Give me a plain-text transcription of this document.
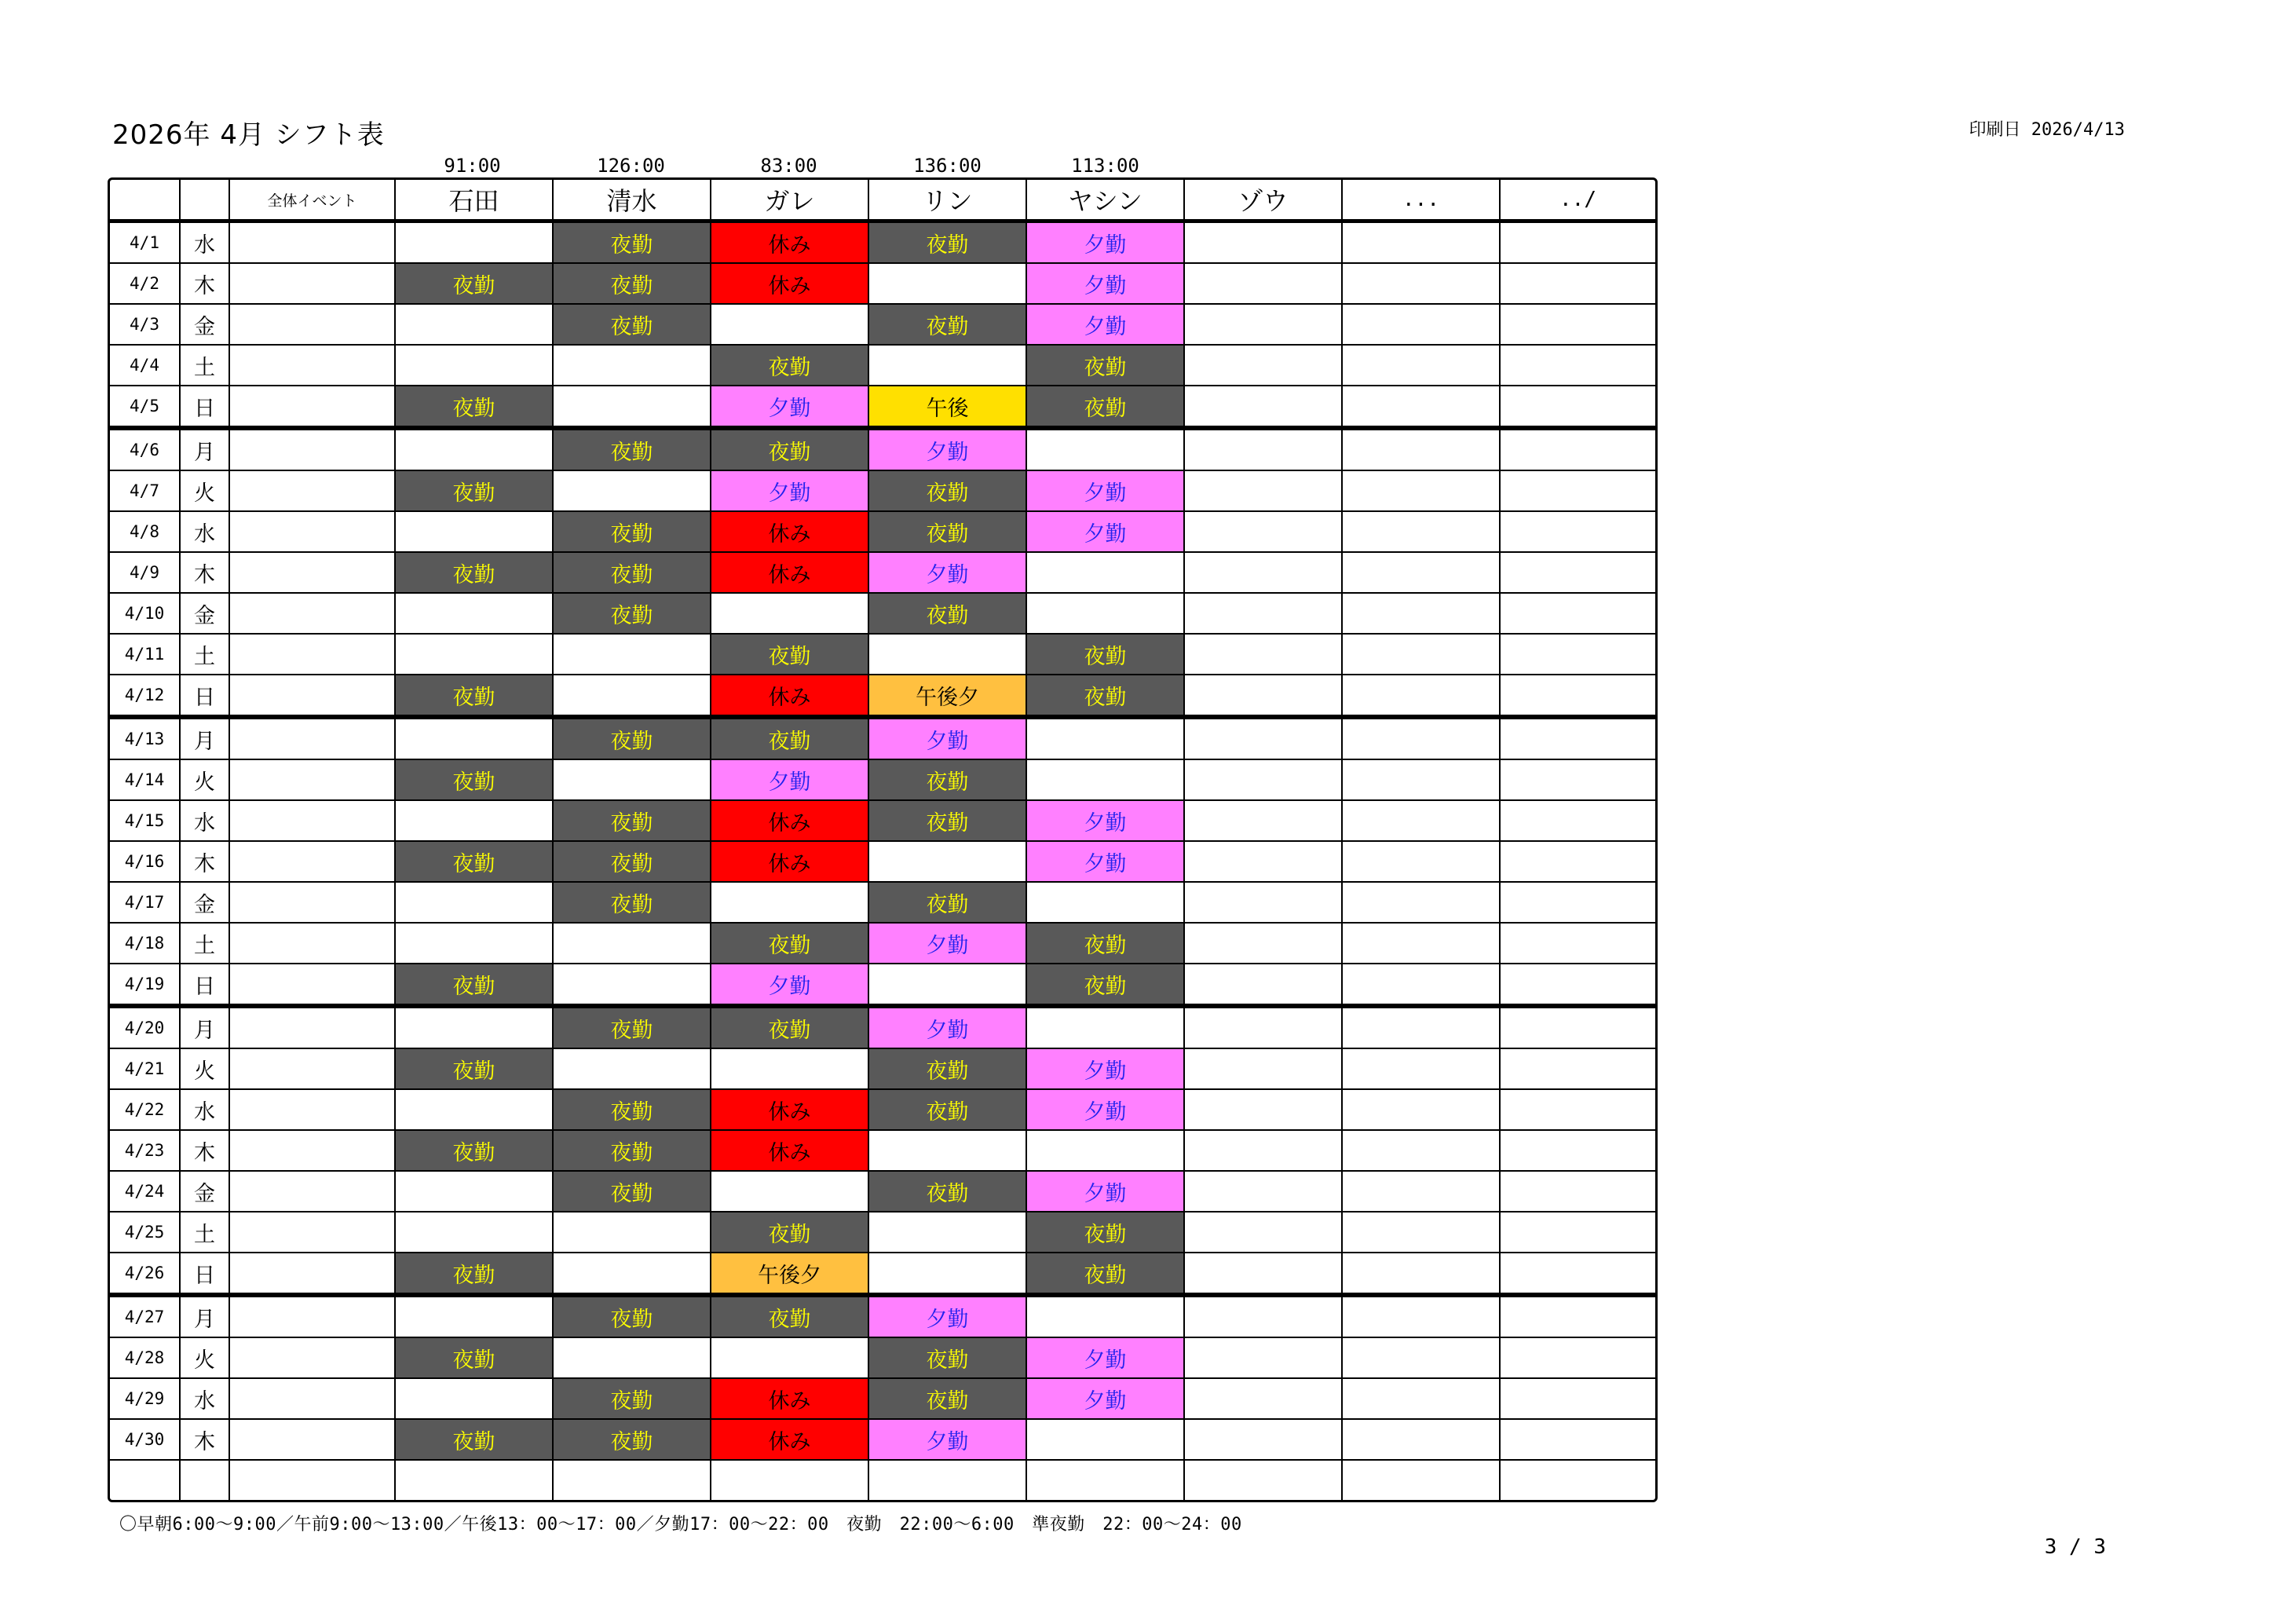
2026年 4月 シフト表	印刷日 2026/4/13
91:00	126:00	83:00	136:00	113:00
		全体イベント	石田	清水	ガレ	リン	ヤシン	ゾウ	...	../
4/1	水			夜勤	休み	夜勤	夕勤			
4/2	木		夜勤	夜勤	休み		夕勤			
4/3	金			夜勤		夜勤	夕勤			
4/4	土				夜勤		夜勤			
4/5	日		夜勤		夕勤	午後	夜勤			
4/6	月			夜勤	夜勤	夕勤				
4/7	火		夜勤		夕勤	夜勤	夕勤			
4/8	水			夜勤	休み	夜勤	夕勤			
4/9	木		夜勤	夜勤	休み	夕勤				
4/10	金			夜勤		夜勤				
4/11	土				夜勤		夜勤			
4/12	日		夜勤		休み	午後夕	夜勤			
4/13	月			夜勤	夜勤	夕勤				
4/14	火		夜勤		夕勤	夜勤				
4/15	水			夜勤	休み	夜勤	夕勤			
4/16	木		夜勤	夜勤	休み		夕勤			
4/17	金			夜勤		夜勤				
4/18	土				夜勤	夕勤	夜勤			
4/19	日		夜勤		夕勤		夜勤			
4/20	月			夜勤	夜勤	夕勤				
4/21	火		夜勤			夜勤	夕勤			
4/22	水			夜勤	休み	夜勤	夕勤			
4/23	木		夜勤	夜勤	休み					
4/24	金			夜勤		夜勤	夕勤			
4/25	土				夜勤		夜勤			
4/26	日		夜勤		午後夕		夜勤			
4/27	月			夜勤	夜勤	夕勤				
4/28	火		夜勤			夜勤	夕勤			
4/29	水			夜勤	休み	夜勤	夕勤			
4/30	木		夜勤	夜勤	休み	夕勤				

〇早朝6:00～9:00／午前9:00～13:00／午後13：00～17：00／夕勤17：00～22：00　夜勤　22:00～6:00　準夜勤　22：00～24：00
3 / 3
